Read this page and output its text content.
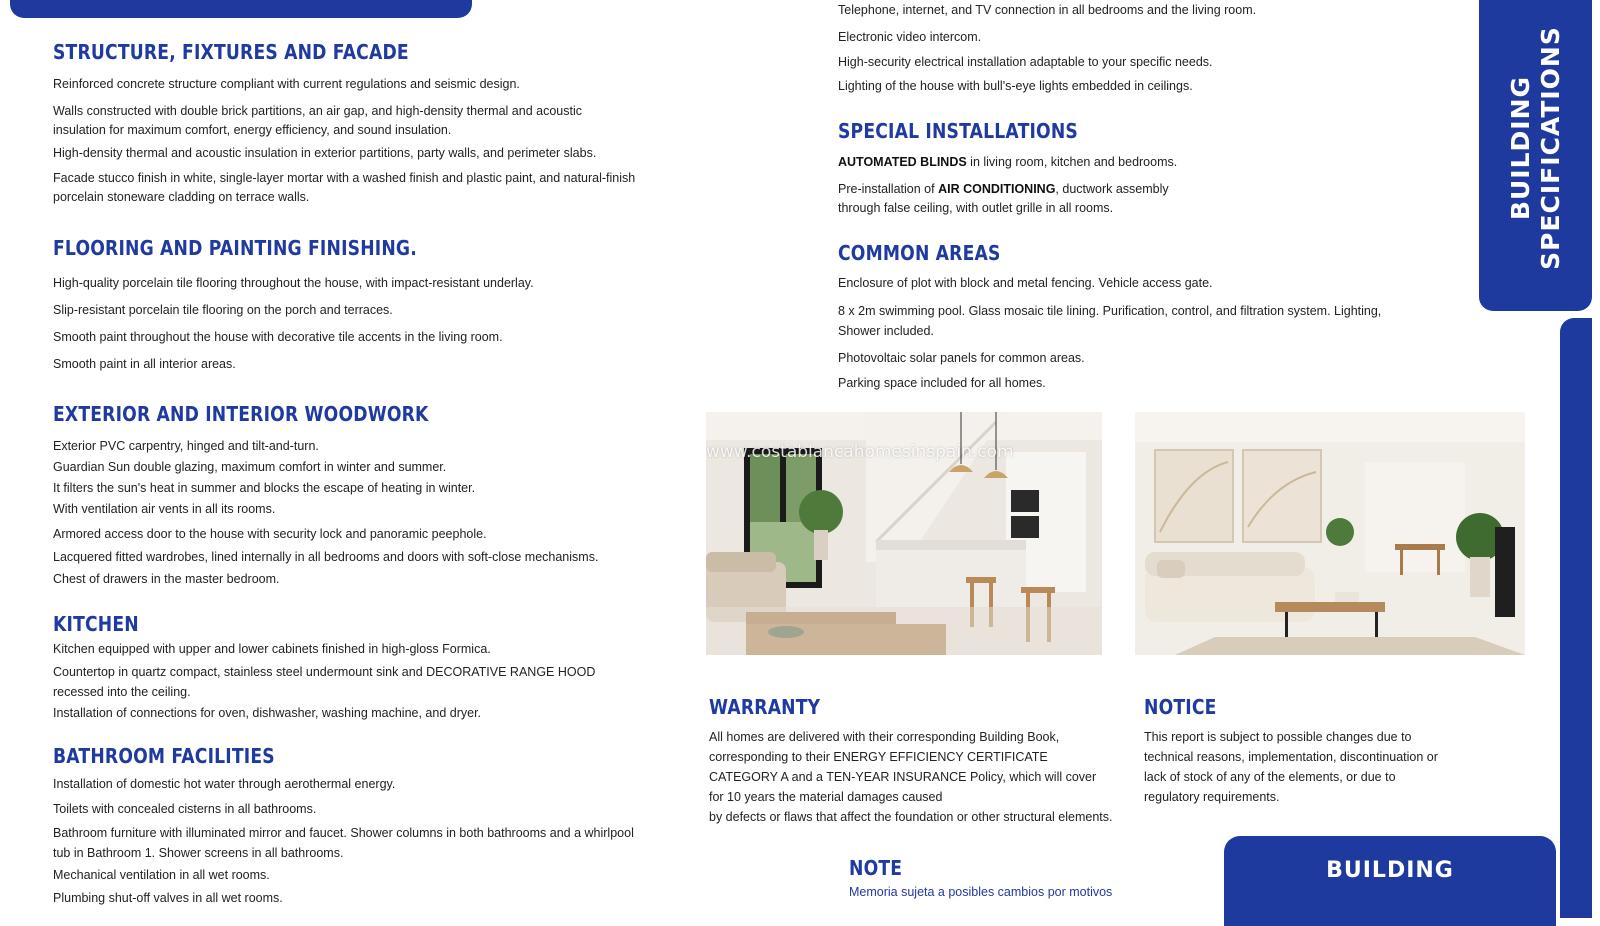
BUILDING SPECIFICATIONS
STRUCTURE, FIXTURES AND FACADE

Reinforced concrete structure compliant with current regulations and seismic design.

Walls constructed with double brick partitions, an air gap, and high-density thermal and acoustic insulation for maximum comfort, energy efficiency, and sound insulation.

High-density thermal and acoustic insulation in exterior partitions, party walls, and perimeter slabs.

Facade stucco finish in white, single-layer mortar with a washed finish and plastic paint, and natural-finish porcelain stoneware cladding on terrace walls.

FLOORING AND PAINTING FINISHING.

High-quality porcelain tile flooring throughout the house, with impact-resistant underlay.

Slip-resistant porcelain tile flooring on the porch and terraces.

Smooth paint throughout the house with decorative tile accents in the living room.

Smooth paint in all interior areas.

EXTERIOR AND INTERIOR WOODWORK

Exterior PVC carpentry, hinged and tilt-and-turn.

Guardian Sun double glazing, maximum comfort in winter and summer.

It filters the sun's heat in summer and blocks the escape of heating in winter.

With ventilation air vents in all its rooms.

Armored access door to the house with security lock and panoramic peephole.

Lacquered fitted wardrobes, lined internally in all bedrooms and doors with soft-close mechanisms.

Chest of drawers in the master bedroom.

KITCHEN

Kitchen equipped with upper and lower cabinets finished in high-gloss Formica.

Countertop in quartz compact, stainless steel undermount sink and DECORATIVE RANGE HOOD

recessed into the ceiling.

Installation of connections for oven, dishwasher, washing machine, and dryer.

BATHROOM FACILITIES

Installation of domestic hot water through aerothermal energy.

Toilets with concealed cisterns in all bathrooms.

Bathroom furniture with illuminated mirror and faucet. Shower columns in both bathrooms and a whirlpool tub in Bathroom 1. Shower screens in all bathrooms.

Mechanical ventilation in all wet rooms.

Plumbing shut-off valves in all wet rooms.

Telephone, internet, and TV connection in all bedrooms and the living room.

Electronic video intercom.

High-security electrical installation adaptable to your specific needs.

Lighting of the house with bull's-eye lights embedded in ceilings.

SPECIAL INSTALLATIONS

AUTOMATED BLINDS in living room, kitchen and bedrooms.

Pre-installation of AIR CONDITIONING, ductwork assembly

through false ceiling, with outlet grille in all rooms.

COMMON AREAS

Enclosure of plot with block and metal fencing. Vehicle access gate.

8 x 2m swimming pool. Glass mosaic tile lining. Purification, control, and filtration system. Lighting, Shower included.

Photovoltaic solar panels for common areas.

Parking space included for all homes.

www.costablancahomesinspain.com
WARRANTY
All homes are delivered with their corresponding Building Book,
corresponding to their ENERGY EFFICIENCY CERTIFICATE
CATEGORY A and a TEN-YEAR INSURANCE Policy, which will cover
for 10 years the material damages caused
by defects or flaws that affect the foundation or other structural elements.
NOTICE
This report is subject to possible changes due to
technical reasons, implementation, discontinuation or
lack of stock of any of the elements, or due to
regulatory requirements.
NOTE

Memoria sujeta a posibles cambios por motivos

BUILDING
